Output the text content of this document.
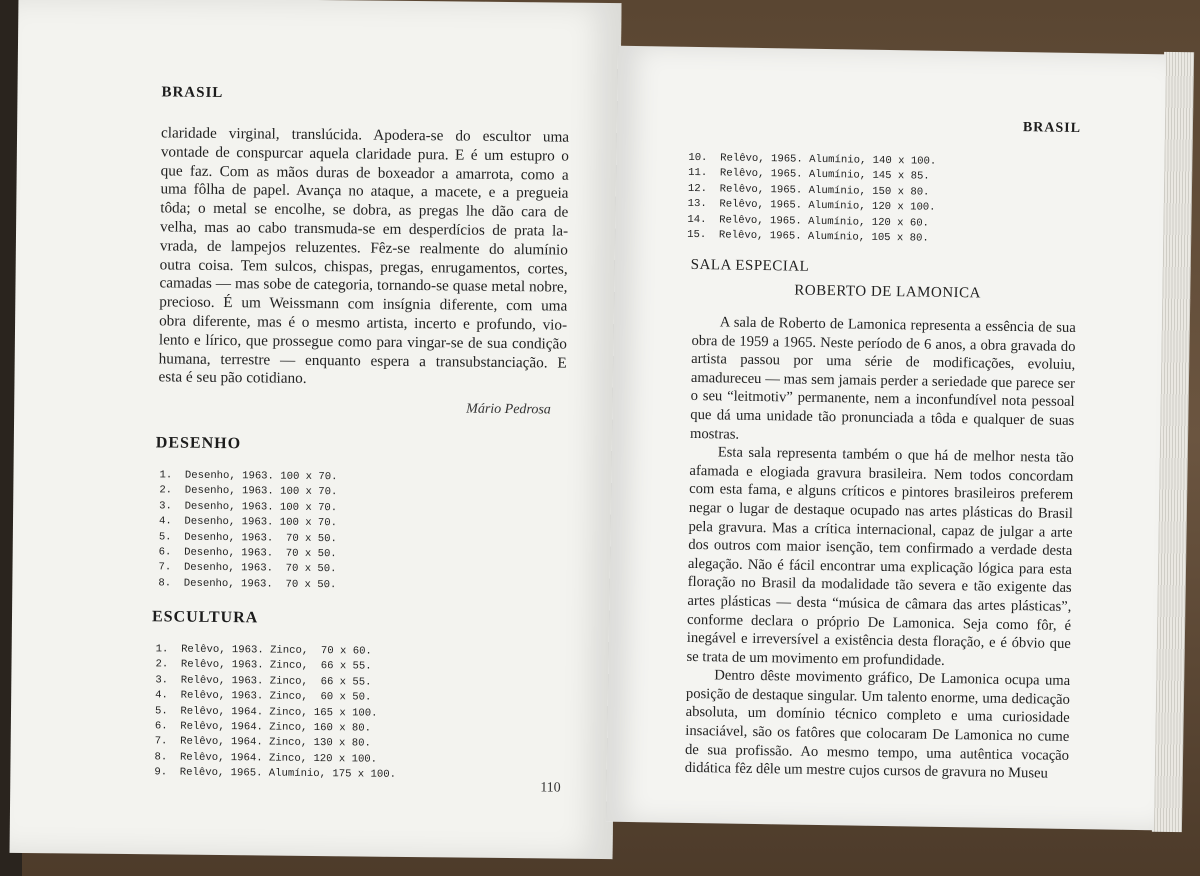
BRASIL

claridade virginal, translúcida. Apodera-se do escultor uma

vontade de conspurcar aquela claridade pura. E é um estupro o

que faz. Com as mãos duras de boxeador a amarrota, como a

uma fôlha de papel. Avança no ataque, a macete, e a pregueia

tôda; o metal se encolhe, se dobra, as pregas lhe dão cara de

velha, mas ao cabo transmuda-se em desperdícios de prata la-

vrada, de lampejos reluzentes. Fêz-se realmente do alumínio

outra coisa. Tem sulcos, chispas, pregas, enrugamentos, cortes,

camadas — mas sobe de categoria, tornando-se quase metal nobre,

precioso. É um Weissmann com insígnia diferente, com uma

obra diferente, mas é o mesmo artista, incerto e profundo, vio-

lento e lírico, que prossegue como para vingar-se de sua condição

humana, terrestre — enquanto espera a transubstanciação. E

esta é seu pão cotidiano.

Mário Pedrosa
DESENHO
1.  Desenho, 1963. 100 x 70.
2.  Desenho, 1963. 100 x 70.
3.  Desenho, 1963. 100 x 70.
4.  Desenho, 1963. 100 x 70.
5.  Desenho, 1963.  70 x 50.
6.  Desenho, 1963.  70 x 50.
7.  Desenho, 1963.  70 x 50.
8.  Desenho, 1963.  70 x 50.
ESCULTURA
1.  Relêvo, 1963. Zinco,  70 x 60.
2.  Relêvo, 1963. Zinco,  66 x 55.
3.  Relêvo, 1963. Zinco,  66 x 55.
4.  Relêvo, 1963. Zinco,  60 x 50.
5.  Relêvo, 1964. Zinco, 165 x 100.
6.  Relêvo, 1964. Zinco, 160 x 80.
7.  Relêvo, 1964. Zinco, 130 x 80.
8.  Relêvo, 1964. Zinco, 120 x 100.
9.  Relêvo, 1965. Alumínio, 175 x 100.
110
BRASIL
10.  Relêvo, 1965. Alumínio, 140 x 100.
11.  Relêvo, 1965. Alumínio, 145 x 85.
12.  Relêvo, 1965. Alumínio, 150 x 80.
13.  Relêvo, 1965. Alumínio, 120 x 100.
14.  Relêvo, 1965. Alumínio, 120 x 60.
15.  Relêvo, 1965. Alumínio, 105 x 80.
SALA ESPECIAL
ROBERTO DE LAMONICA

A sala de Roberto de Lamonica representa a essência de sua obra de 1959 a 1965. Neste período de 6 anos, a obra gravada do artista passou por uma série de modificações, evoluiu, amadureceu — mas sem jamais perder a seriedade que parece ser o seu “leitmotiv” permanente, nem a inconfundível nota pessoal que dá uma unidade tão pronunciada a tôda e qualquer de suas mostras.

Esta sala representa também o que há de melhor nesta tão afamada e elogiada gravura brasileira. Nem todos concordam com esta fama, e alguns críticos e pintores brasileiros preferem negar o lugar de destaque ocupado nas artes plásticas do Brasil pela gravura. Mas a crítica internacional, capaz de julgar a arte dos outros com maior isenção, tem confirmado a verdade desta alegação. Não é fácil encontrar uma explicação lógica para esta floração no Brasil da modalidade tão severa e tão exigente das artes plásticas — desta “música de câmara das artes plásticas”, conforme declara o próprio De Lamonica. Seja como fôr, é inegável e irreversível a existência desta floração, e é óbvio que se trata de um movimento em profundidade.

Dentro dêste movimento gráfico, De Lamonica ocupa uma posição de destaque singular. Um talento enorme, uma dedicação absoluta, um domínio técnico completo e uma curiosidade insaciável, são os fatôres que colocaram De Lamonica no cume de sua profissão. Ao mesmo tempo, uma autêntica vocação didática fêz dêle um mestre cujos cursos de gravura no Museu
